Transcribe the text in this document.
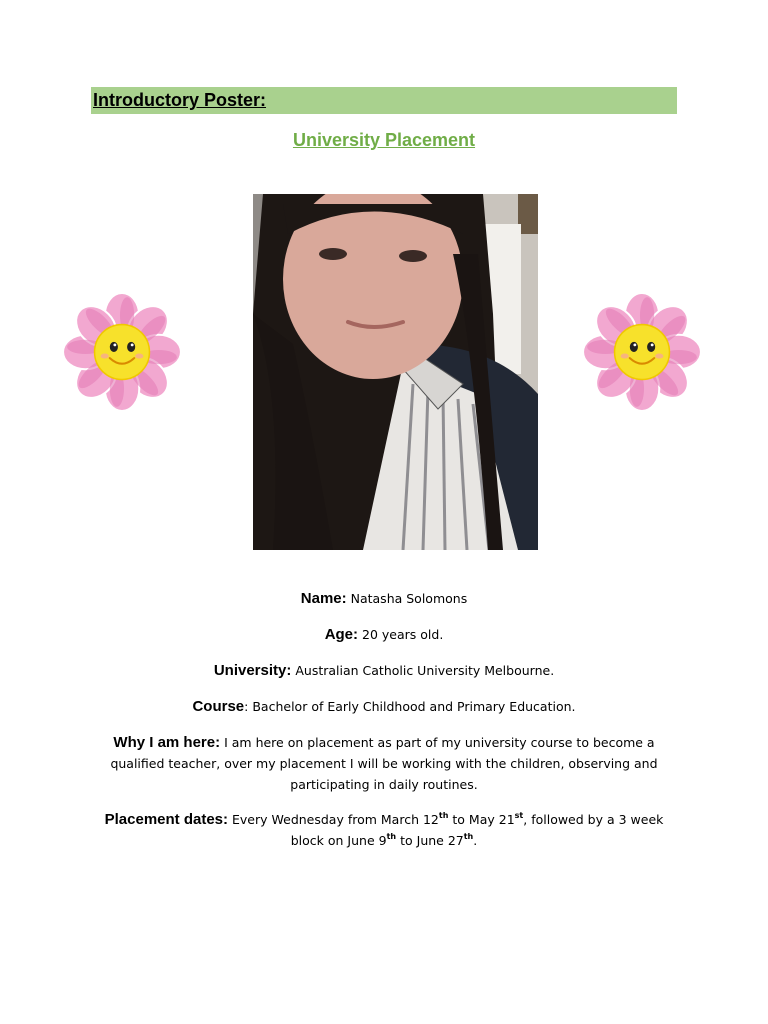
Introductory Poster:
University Placement
Name: Natasha Solomons
Age: 20 years old.
University: Australian Catholic University Melbourne.
Course: Bachelor of Early Childhood and Primary Education.
Why I am here: I am here on placement as part of my university course to become a qualified teacher, over my placement I will be working with the children, observing and participating in daily routines.
Placement dates: Every Wednesday from March 12th to May 21st, followed by a 3 week block on June 9th to June 27th.
